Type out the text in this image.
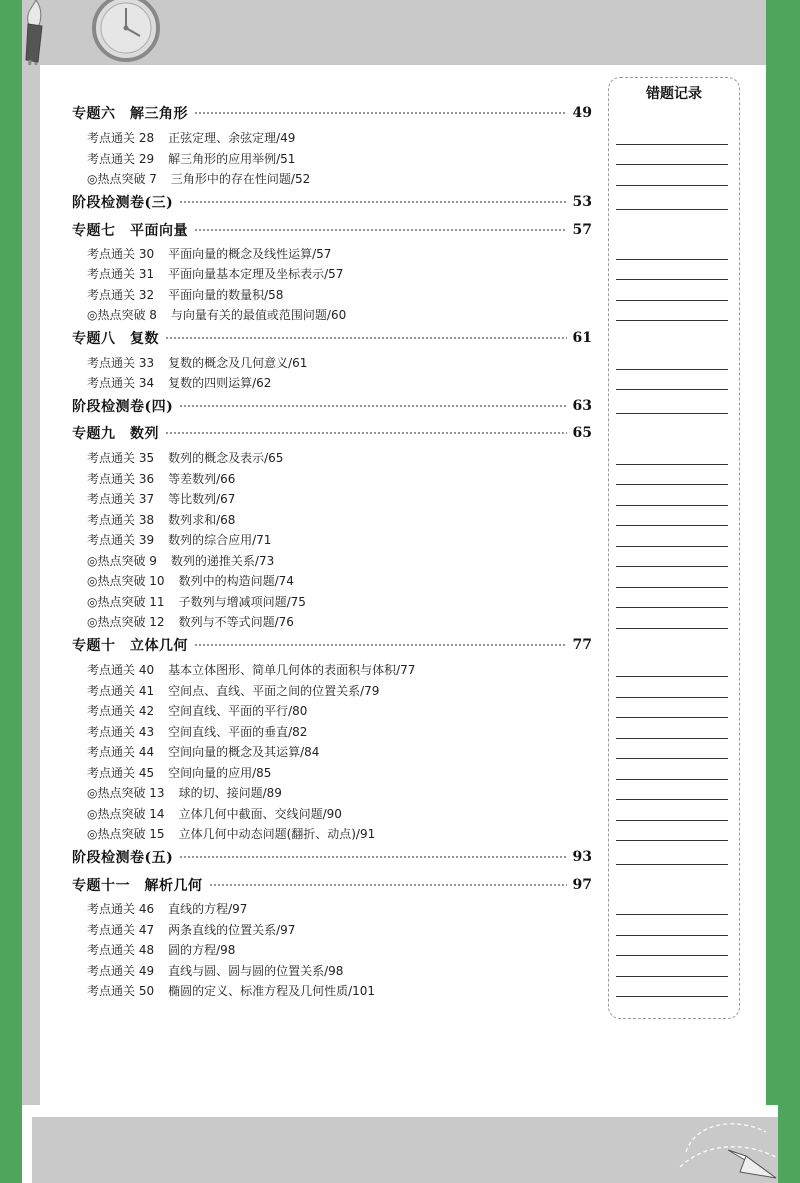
专题六　解三角形	49
考点通关 28 正弦定理、余弦定理/49
考点通关 29 解三角形的应用举例/51
◎热点突破 7 三角形中的存在性问题/52
阶段检测卷(三)	53
专题七　平面向量	57
考点通关 30 平面向量的概念及线性运算/57
考点通关 31 平面向量基本定理及坐标表示/57
考点通关 32 平面向量的数量积/58
◎热点突破 8 与向量有关的最值或范围问题/60
专题八　复数	61
考点通关 33 复数的概念及几何意义/61
考点通关 34 复数的四则运算/62
阶段检测卷(四)	63
专题九　数列	65
考点通关 35 数列的概念及表示/65
考点通关 36 等差数列/66
考点通关 37 等比数列/67
考点通关 38 数列求和/68
考点通关 39 数列的综合应用/71
◎热点突破 9 数列的递推关系/73
◎热点突破 10 数列中的构造问题/74
◎热点突破 11 子数列与增减项问题/75
◎热点突破 12 数列与不等式问题/76
专题十　立体几何	77
考点通关 40 基本立体图形、简单几何体的表面积与体积/77
考点通关 41 空间点、直线、平面之间的位置关系/79
考点通关 42 空间直线、平面的平行/80
考点通关 43 空间直线、平面的垂直/82
考点通关 44 空间向量的概念及其运算/84
考点通关 45 空间向量的应用/85
◎热点突破 13 球的切、接问题/89
◎热点突破 14 立体几何中截面、交线问题/90
◎热点突破 15 立体几何中动态问题(翻折、动点)/91
阶段检测卷(五)	93
专题十一　解析几何	97
考点通关 46 直线的方程/97
考点通关 47 两条直线的位置关系/97
考点通关 48 圆的方程/98
考点通关 49 直线与圆、圆与圆的位置关系/98
考点通关 50 椭圆的定义、标准方程及几何性质/101
错题记录
